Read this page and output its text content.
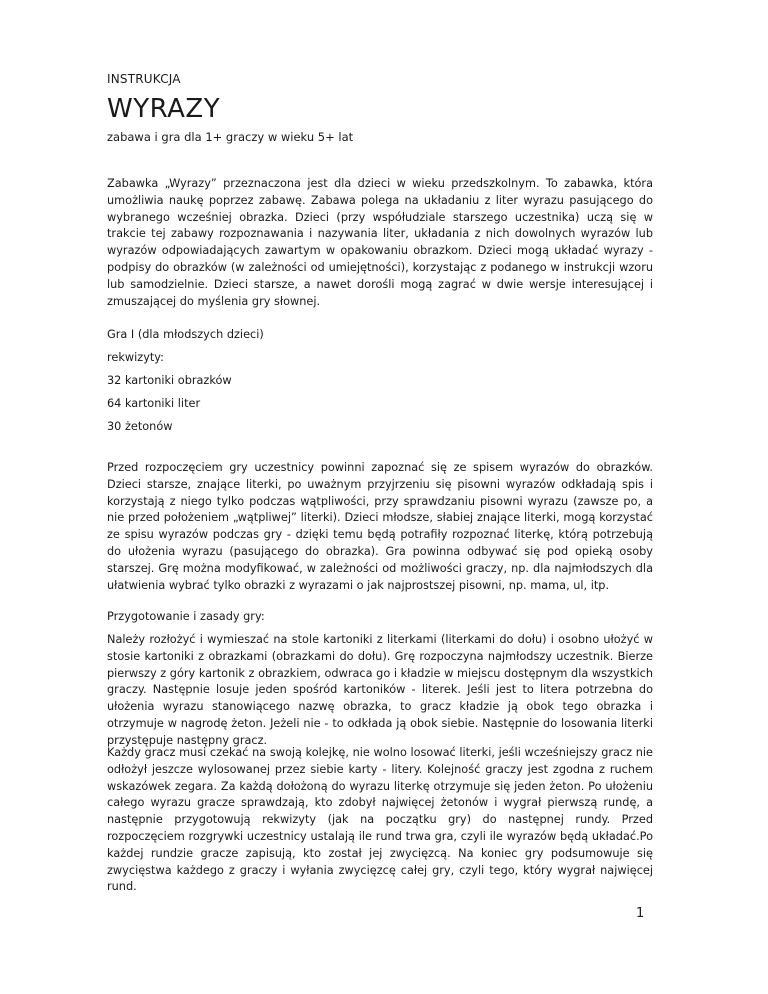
INSTRUKCJA
WYRAZY
zabawa i gra dla 1+ graczy w wieku 5+ lat
Zabawka „Wyrazy” przeznaczona jest dla dzieci w wieku przedszkolnym. To zabawka, która umożliwia naukę poprzez zabawę. Zabawa polega na układaniu z liter wyrazu pasującego do wybranego wcześniej obrazka. Dzieci (przy współudziale starszego uczestnika) uczą się w trakcie tej zabawy rozpoznawania i nazywania liter, układania z nich dowolnych wyrazów lub wyrazów odpowiadających zawartym w opakowaniu obrazkom. Dzieci mogą układać wyrazy - podpisy do obrazków (w zależności od umiejętności), korzystając z podanego w instrukcji wzoru lub samodzielnie. Dzieci starsze, a nawet dorośli mogą zagrać w dwie wersje interesującej i zmuszającej do myślenia gry słownej.
Gra I (dla młodszych dzieci)
rekwizyty:
32 kartoniki obrazków
64 kartoniki liter
30 żetonów
Przed rozpoczęciem gry uczestnicy powinni zapoznać się ze spisem wyrazów do obrazków. Dzieci starsze, znające literki, po uważnym przyjrzeniu się pisowni wyrazów odkładają spis i korzystają z niego tylko podczas wątpliwości, przy sprawdzaniu pisowni wyrazu (zawsze po, a nie przed położeniem „wątpliwej” literki). Dzieci młodsze, słabiej znające literki, mogą korzystać ze spisu wyrazów podczas gry - dzięki temu będą potrafiły rozpoznać literkę, którą potrzebują do ułożenia wyrazu (pasującego do obrazka). Gra powinna odbywać się pod opieką osoby starszej. Grę można modyfikować, w zależności od możliwości graczy, np. dla najmłodszych dla ułatwienia wybrać tylko obrazki z wyrazami o jak najprostszej pisowni, np. mama, ul, itp.
Przygotowanie i zasady gry:
Należy rozłożyć i wymieszać na stole kartoniki z literkami (literkami do dołu) i osobno ułożyć w stosie kartoniki z obrazkami (obrazkami do dołu). Grę rozpoczyna najmłodszy uczestnik. Bierze pierwszy z góry kartonik z obrazkiem, odwraca go i kładzie w miejscu dostępnym dla wszystkich graczy. Następnie losuje jeden spośród kartoników - literek. Jeśli jest to litera potrzebna do ułożenia wyrazu stanowiącego nazwę obrazka, to gracz kładzie ją obok tego obrazka i otrzymuje w nagrodę żeton. Jeżeli nie - to odkłada ją obok siebie. Następnie do losowania literki przystępuje następny gracz.
Każdy gracz musi czekać na swoją kolejkę, nie wolno losować literki, jeśli wcześniejszy gracz nie odłożył jeszcze wylosowanej przez siebie karty - litery. Kolejność graczy jest zgodna z ruchem wskazówek zegara. Za każdą dołożoną do wyrazu literkę otrzymuje się jeden żeton. Po ułożeniu całego wyrazu gracze sprawdzają, kto zdobył najwięcej żetonów i wygrał pierwszą rundę, a następnie przygotowują rekwizyty (jak na początku gry) do następnej rundy. Przed rozpoczęciem rozgrywki uczestnicy ustalają ile rund trwa gra, czyli ile wyrazów będą układać.Po każdej rundzie gracze zapisują, kto został jej zwycięzcą. Na koniec gry podsumowuje się zwycięstwa każdego z graczy i wyłania zwycięzcę całej gry, czyli tego, który wygrał najwięcej rund.
1
